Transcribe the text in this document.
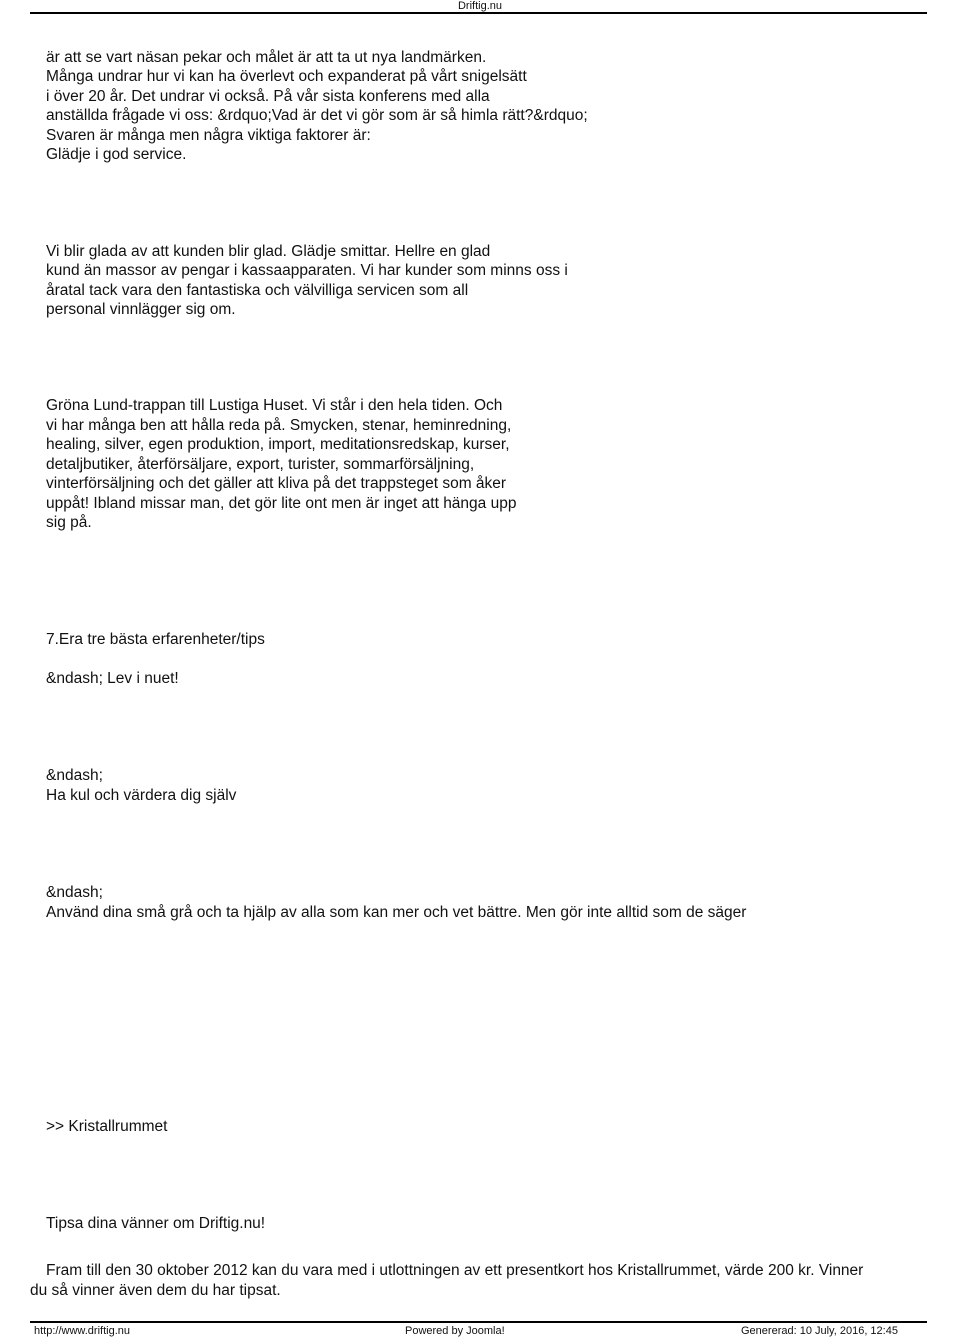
Driftig.nu
är att se vart näsan pekar och målet är att ta ut nya landmärken.
Många undrar hur vi kan ha överlevt och expanderat på vårt snigelsätt
i över 20 år. Det undrar vi också. På vår sista konferens med alla
anställda frågade vi oss: &rdquo;Vad är det vi gör som är så himla rätt?&rdquo;
Svaren är många men några viktiga faktorer är:
Glädje i god service.
Vi blir glada av att kunden blir glad. Glädje smittar. Hellre en glad
kund än massor av pengar i kassaapparaten. Vi har kunder som minns oss i
åratal tack vara den fantastiska och välvilliga servicen som all
personal vinnlägger sig om.
Gröna Lund-trappan till Lustiga Huset. Vi står i den hela tiden. Och
vi har många ben att hålla reda på. Smycken, stenar, heminredning,
healing, silver, egen produktion, import, meditationsredskap, kurser,
detaljbutiker, återförsäljare, export, turister, sommarförsäljning,
vinterförsäljning och det gäller att kliva på det trappsteget som åker
uppåt! Ibland missar man, det gör lite ont men är inget att hänga upp
sig på.
7.Era tre bästa erfarenheter/tips
&ndash; Lev i nuet!
&ndash;
Ha kul och värdera dig själv
&ndash;
Använd dina små grå och ta hjälp av alla som kan mer och vet bättre. Men gör inte alltid som de säger
>> Kristallrummet
Tipsa dina vänner om Driftig.nu!
Fram till den 30 oktober 2012 kan du vara med i utlottningen av ett presentkort hos Kristallrummet, värde 200 kr. Vinner
du så vinner även dem du har tipsat.
http://www.driftig.nu	Powered by Joomla!	Genererad: 10 July, 2016, 12:45
